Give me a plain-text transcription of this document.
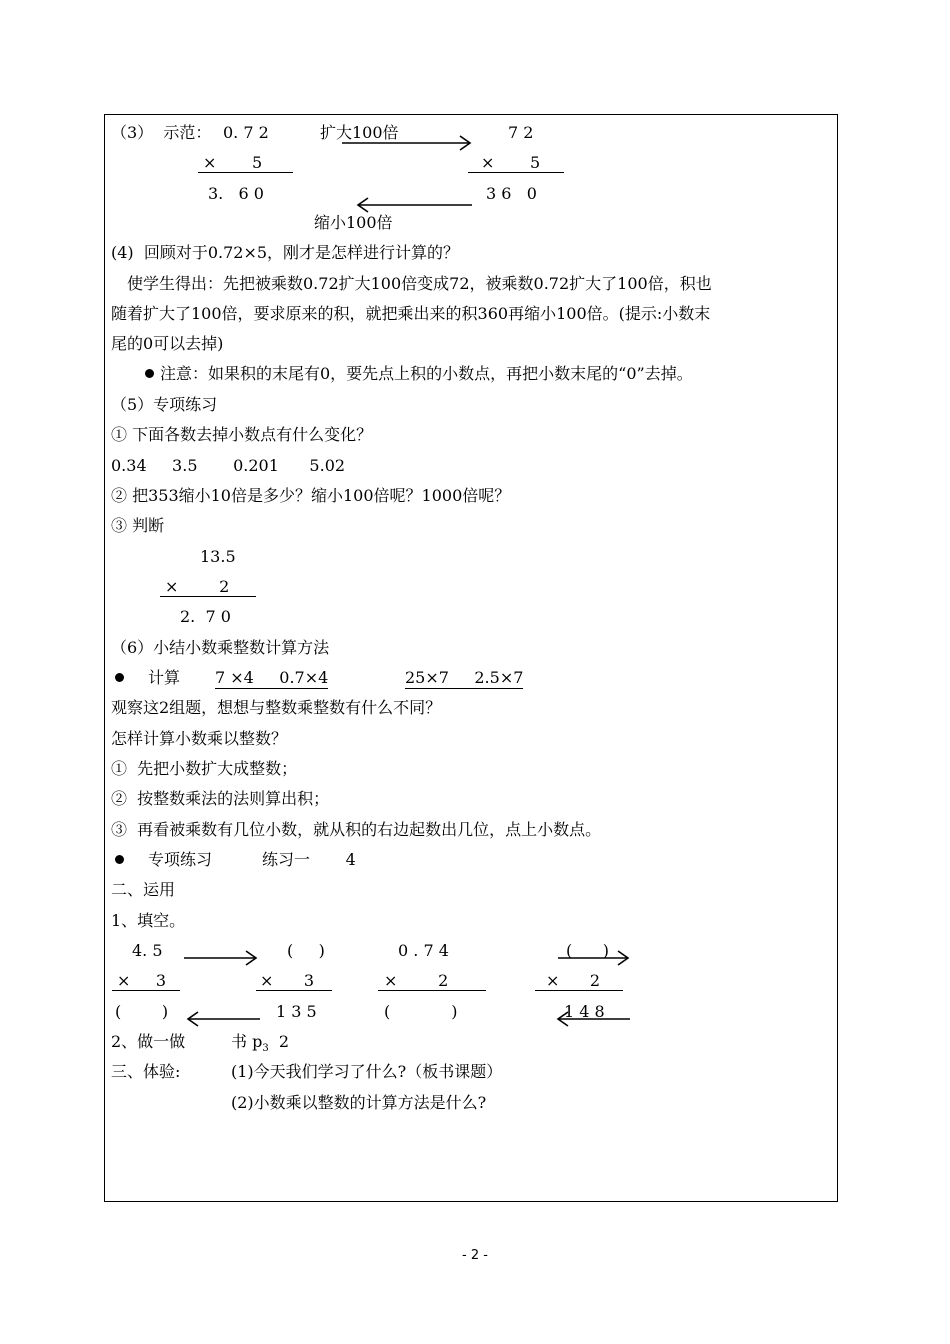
（3）  示范： 0. 7 2	扩大100倍	7 2
×       5	×       5
3.   6 0	3 6   0
缩小100倍
(4)  回顾对于0.72×5，刚才是怎样进行计算的？
使学生得出：先把被乘数0.72扩大100倍变成72，被乘数0.72扩大了100倍，积也
随着扩大了100倍，要求原来的积，就把乘出来的积360再缩小100倍。(提示:小数末
尾的0可以去掉)
注意：如果积的末尾有0，要先点上积的小数点，再把小数末尾的“0”去掉。
（5）专项练习
① 下面各数去掉小数点有什么变化？
0.34     3.5       0.201      5.02
② 把353缩小10倍是多少？缩小100倍呢？1000倍呢？
③ 判断
13.5
×        2
2.  7 0
（6）小结小数乘整数计算方法
计算 7 ×4     0.7×4	25×7     2.5×7
观察这2组题，想想与整数乘整数有什么不同？
怎样计算小数乘以整数？
①  先把小数扩大成整数；
②  按整数乘法的法则算出积；
③  再看被乘数有几位小数，就从积的右边起数出几位，点上小数点。
专项练习	练习一       4
二、运用
1、填空。
4. 5
×     3
(        )
(     )
×      3
1 3 5
0 . 7 4
×        2
(            )
(      )
×      2
1 4 8
2、做一做	书 $p_3$ 2
三、体验:	(1)今天我们学习了什么?（板书课题）
(2)小数乘以整数的计算方法是什么?
- 2 -
